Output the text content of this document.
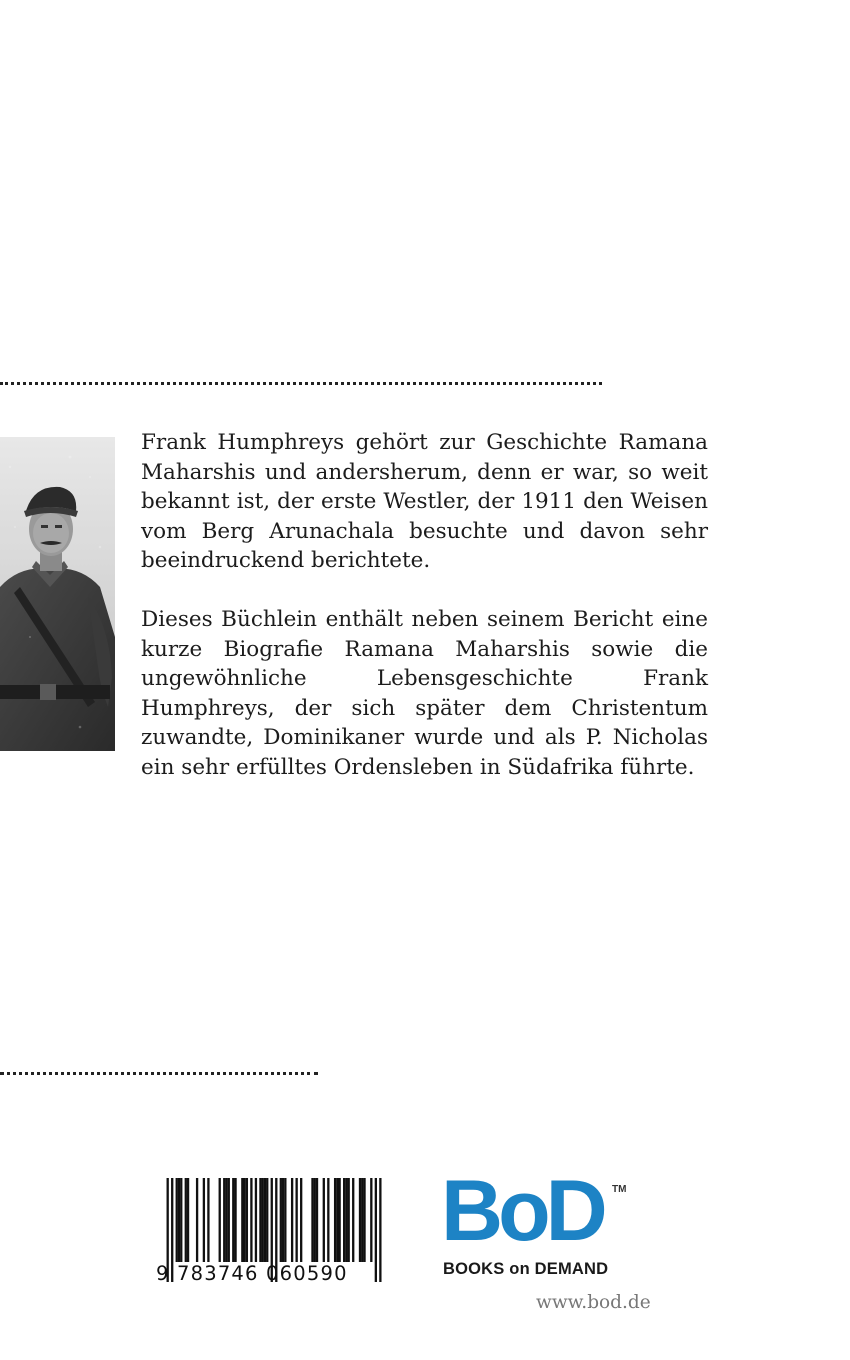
Frank Humphreys gehört zur Geschichte Ramana Maharshis und andersherum, denn er war, so weit bekannt ist, der erste Westler, der 1911 den Weisen vom Berg Arunachala besuchte und davon sehr beeindruckend berichtete.

Dieses Büchlein enthält neben seinem Bericht eine kurze Biografie Ramana Maharshis sowie die ungewöhnliche Lebensgeschichte Frank Humphreys, der sich später dem Christentum zuwandte, Dominikaner wurde und als P. Nicholas ein sehr erfülltes Ordensleben in Südafrika führte.

9 783746 060590
BoD TM
BOOKS on DEMAND
www.bod.de
